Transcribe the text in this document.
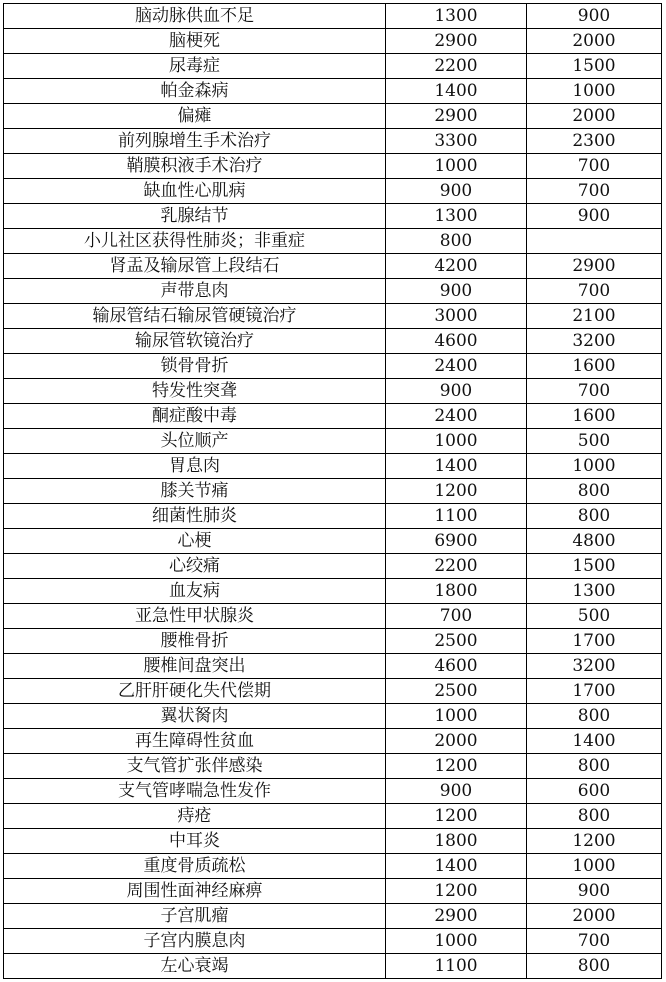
脑动脉供血不足	1300	900
脑梗死	2900	2000
尿毒症	2200	1500
帕金森病	1400	1000
偏瘫	2900	2000
前列腺增生手术治疗	3300	2300
鞘膜积液手术治疗	1000	700
缺血性心肌病	900	700
乳腺结节	1300	900
小儿社区获得性肺炎；非重症	800	
肾盂及输尿管上段结石	4200	2900
声带息肉	900	700
输尿管结石输尿管硬镜治疗	3000	2100
输尿管软镜治疗	4600	3200
锁骨骨折	2400	1600
特发性突聋	900	700
酮症酸中毒	2400	1600
头位顺产	1000	500
胃息肉	1400	1000
膝关节痛	1200	800
细菌性肺炎	1100	800
心梗	6900	4800
心绞痛	2200	1500
血友病	1800	1300
亚急性甲状腺炎	700	500
腰椎骨折	2500	1700
腰椎间盘突出	4600	3200
乙肝肝硬化失代偿期	2500	1700
翼状胬肉	1000	800
再生障碍性贫血	2000	1400
支气管扩张伴感染	1200	800
支气管哮喘急性发作	900	600
痔疮	1200	800
中耳炎	1800	1200
重度骨质疏松	1400	1000
周围性面神经麻痹	1200	900
子宫肌瘤	2900	2000
子宫内膜息肉	1000	700
左心衰竭	1100	800
